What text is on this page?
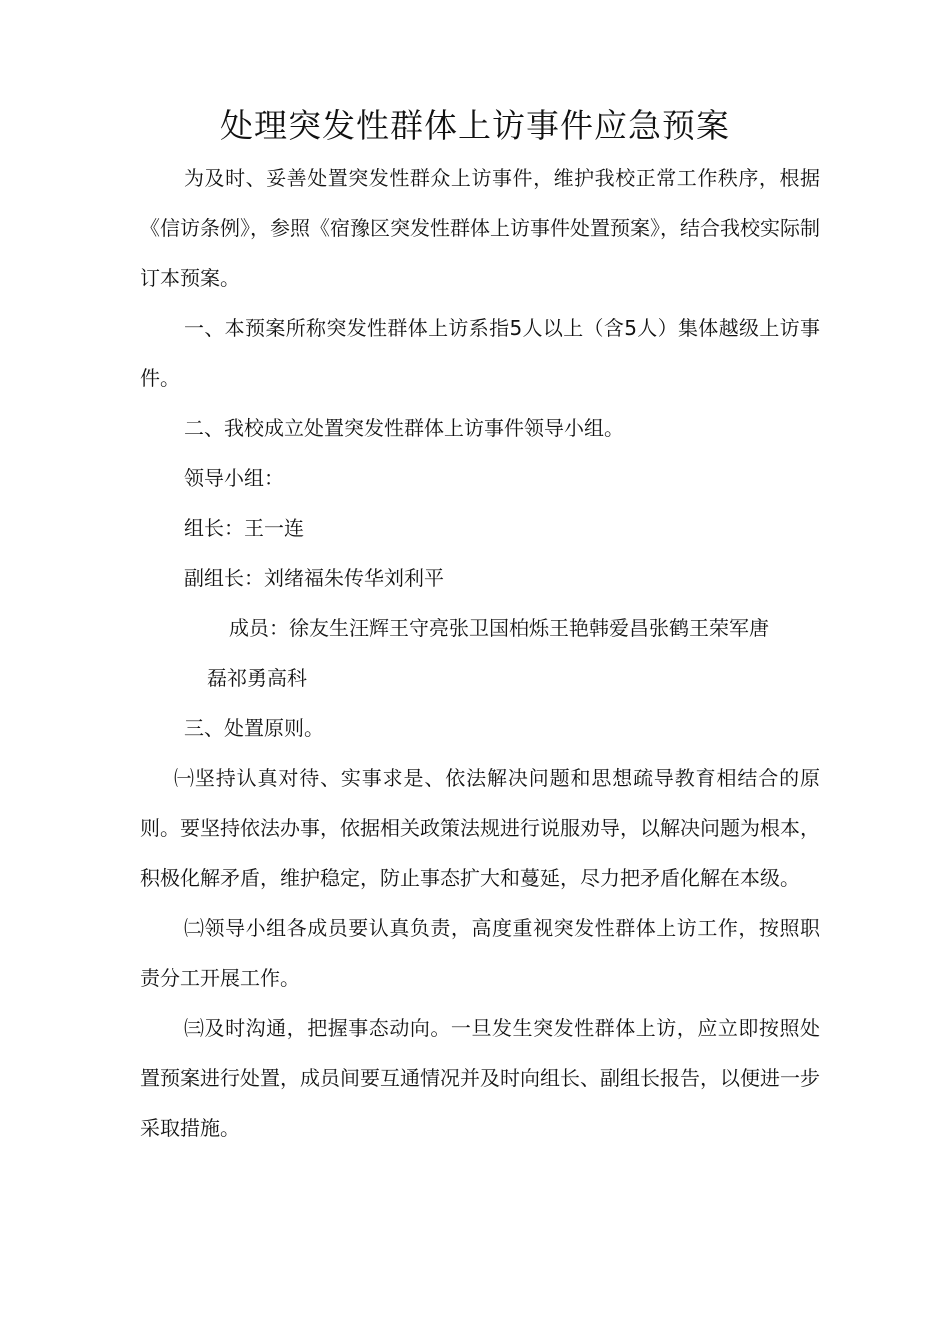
处理突发性群体上访事件应急预案

为及时、妥善处置突发性群众上访事件，维护我校正常工作秩序，根据《信访条例》，参照《宿豫区突发性群体上访事件处置预案》，结合我校实际制订本预案。

一、本预案所称突发性群体上访系指5人以上（含5人）集体越级上访事件。

二、我校成立处置突发性群体上访事件领导小组。

领导小组：

组长：王一连

副组长：刘绪福朱传华刘利平

成员：徐友生汪辉王守亮张卫国柏烁王艳韩爱昌张鹤王荣军唐
磊祁勇高科

三、处置原则。

㈠坚持认真对待、实事求是、依法解决问题和思想疏导教育相结合的原则。要坚持依法办事，依据相关政策法规进行说服劝导，以解决问题为根本，积极化解矛盾，维护稳定，防止事态扩大和蔓延，尽力把矛盾化解在本级。

㈡领导小组各成员要认真负责，高度重视突发性群体上访工作，按照职责分工开展工作。

㈢及时沟通，把握事态动向。一旦发生突发性群体上访，应立即按照处置预案进行处置，成员间要互通情况并及时向组长、副组长报告，以便进一步采取措施。
